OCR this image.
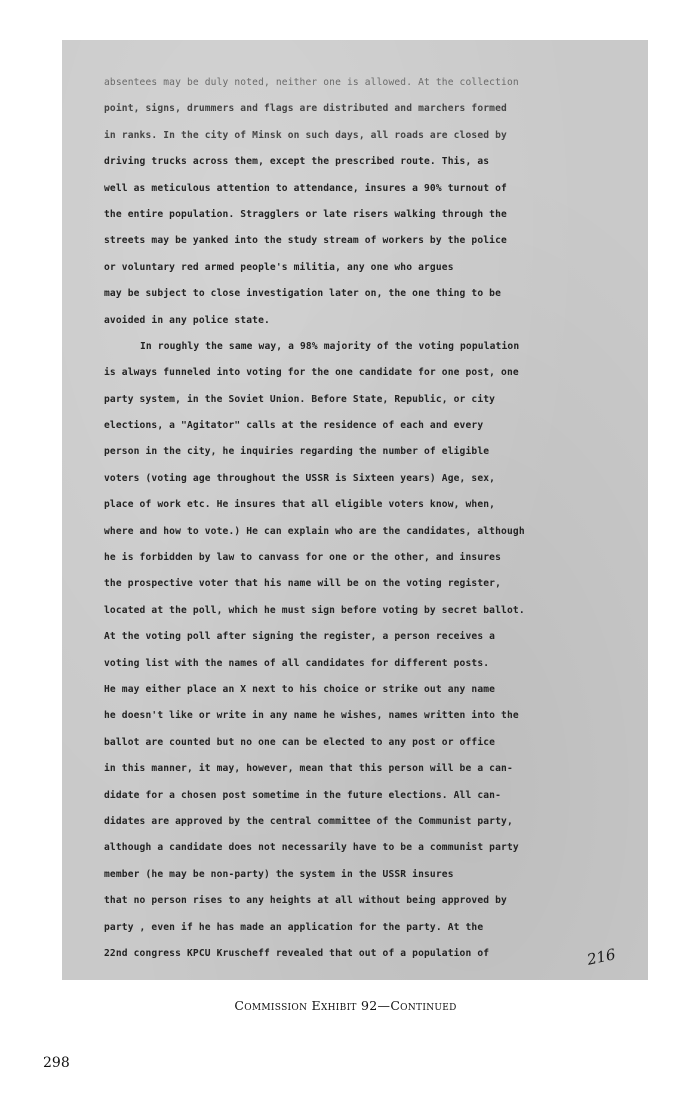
absentees may be duly noted, neither one is allowed. At the collection
point, signs, drummers and flags are distributed and marchers formed
in ranks. In the city of Minsk on such days, all roads are closed by
driving trucks across them, except the prescribed route. This, as
well as meticulous attention to attendance, insures a 90% turnout of
the entire population. Stragglers or late risers walking through the
streets may be yanked into the study stream of workers by the police
or voluntary red armed people's militia, any one who argues
may be subject to close investigation later on, the one thing to be
avoided in any police state.
In roughly the same way, a 98% majority of the voting population
is always funneled into voting for the one candidate for one post, one
party system, in the Soviet Union. Before State, Republic, or city
elections, a "Agitator" calls at the residence of each and every
person in the city, he inquiries regarding the number of eligible
voters (voting age throughout the USSR is Sixteen years) Age, sex,
place of work etc. He insures that all eligible voters know, when,
where and how to vote.) He can explain who are the candidates, although
he is forbidden by law to canvass for one or the other, and insures
the prospective voter that his name will be on the voting register,
located at the poll, which he must sign before voting by secret ballot.
At the voting poll after signing the register, a person receives a
voting list with the names of all candidates for different posts.
He may either place an X next to his choice or strike out any name
he doesn't like or write in any name he wishes, names written into the
ballot are counted but no one can be elected to any post or office
in this manner, it may, however, mean that this person will be a can-
didate for a chosen post sometime in the future elections. All can-
didates are approved by the central committee of the Communist party,
although a candidate does not necessarily have to be a communist party
member (he may be non-party) the system in the USSR insures
that no person rises to any heights at all without being approved by
party , even if he has made an application for the party. At the
22nd congress KPCU Kruscheff revealed that out of a population of	216
Commission Exhibit 92—Continued
298
